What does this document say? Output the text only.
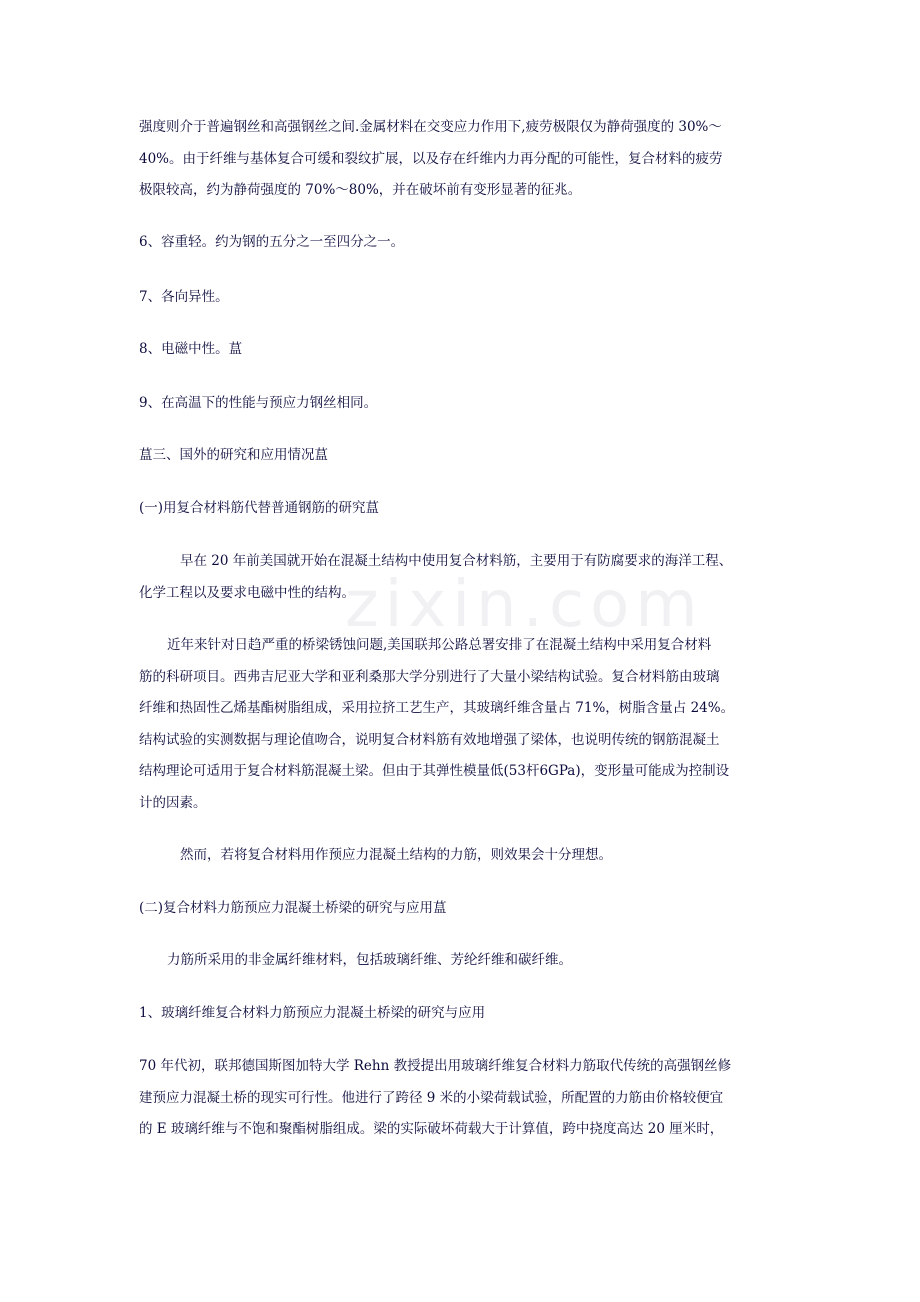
zixin.com
强度则介于普遍钢丝和高强钢丝之间.金属材料在交变应力作用下,疲劳极限仅为静荷强度的 30%～
40%。由于纤维与基体复合可缓和裂纹扩展，以及存在纤维内力再分配的可能性，复合材料的疲劳
极限较高，约为静荷强度的 70%～80%，并在破坏前有变形显著的征兆。
6、容重轻。约为钢的五分之一至四分之一。
7、各向异性。
8、电磁中性。蒀
9、在高温下的性能与预应力钢丝相同。
蒀三、国外的研究和应用情况蒀
(一)用复合材料筋代替普通钢筋的研究蒀
早在 20 年前美国就开始在混凝土结构中使用复合材料筋，主要用于有防腐要求的海洋工程、
化学工程以及要求电磁中性的结构。
近年来针对日趋严重的桥梁锈蚀问题,美国联邦公路总署安排了在混凝土结构中采用复合材料
筋的科研项目。西弗吉尼亚大学和亚利桑那大学分别进行了大量小梁结构试验。复合材料筋由玻璃
纤维和热固性乙烯基酯树脂组成，采用拉挤工艺生产，其玻璃纤维含量占 71%，树脂含量占 24%。
结构试验的实测数据与理论值吻合，说明复合材料筋有效地增强了梁体，也说明传统的钢筋混凝土
结构理论可适用于复合材料筋混凝土梁。但由于其弹性模量低(53杆6GPa)，变形量可能成为控制设
计的因素。
然而，若将复合材料用作预应力混凝土结构的力筋，则效果会十分理想。
(二)复合材料力筋预应力混凝土桥梁的研究与应用蒀
力筋所采用的非金属纤维材料，包括玻璃纤维、芳纶纤维和碳纤维。
1、玻璃纤维复合材料力筋预应力混凝土桥梁的研究与应用
70 年代初，联邦德国斯图加特大学 Rehn 教授提出用玻璃纤维复合材料力筋取代传统的高强钢丝修
建预应力混凝土桥的现实可行性。他进行了跨径 9 米的小梁荷载试验，所配置的力筋由价格较便宜
的 E 玻璃纤维与不饱和聚酯树脂组成。梁的实际破坏荷载大于计算值，跨中挠度高达 20 厘米时，
